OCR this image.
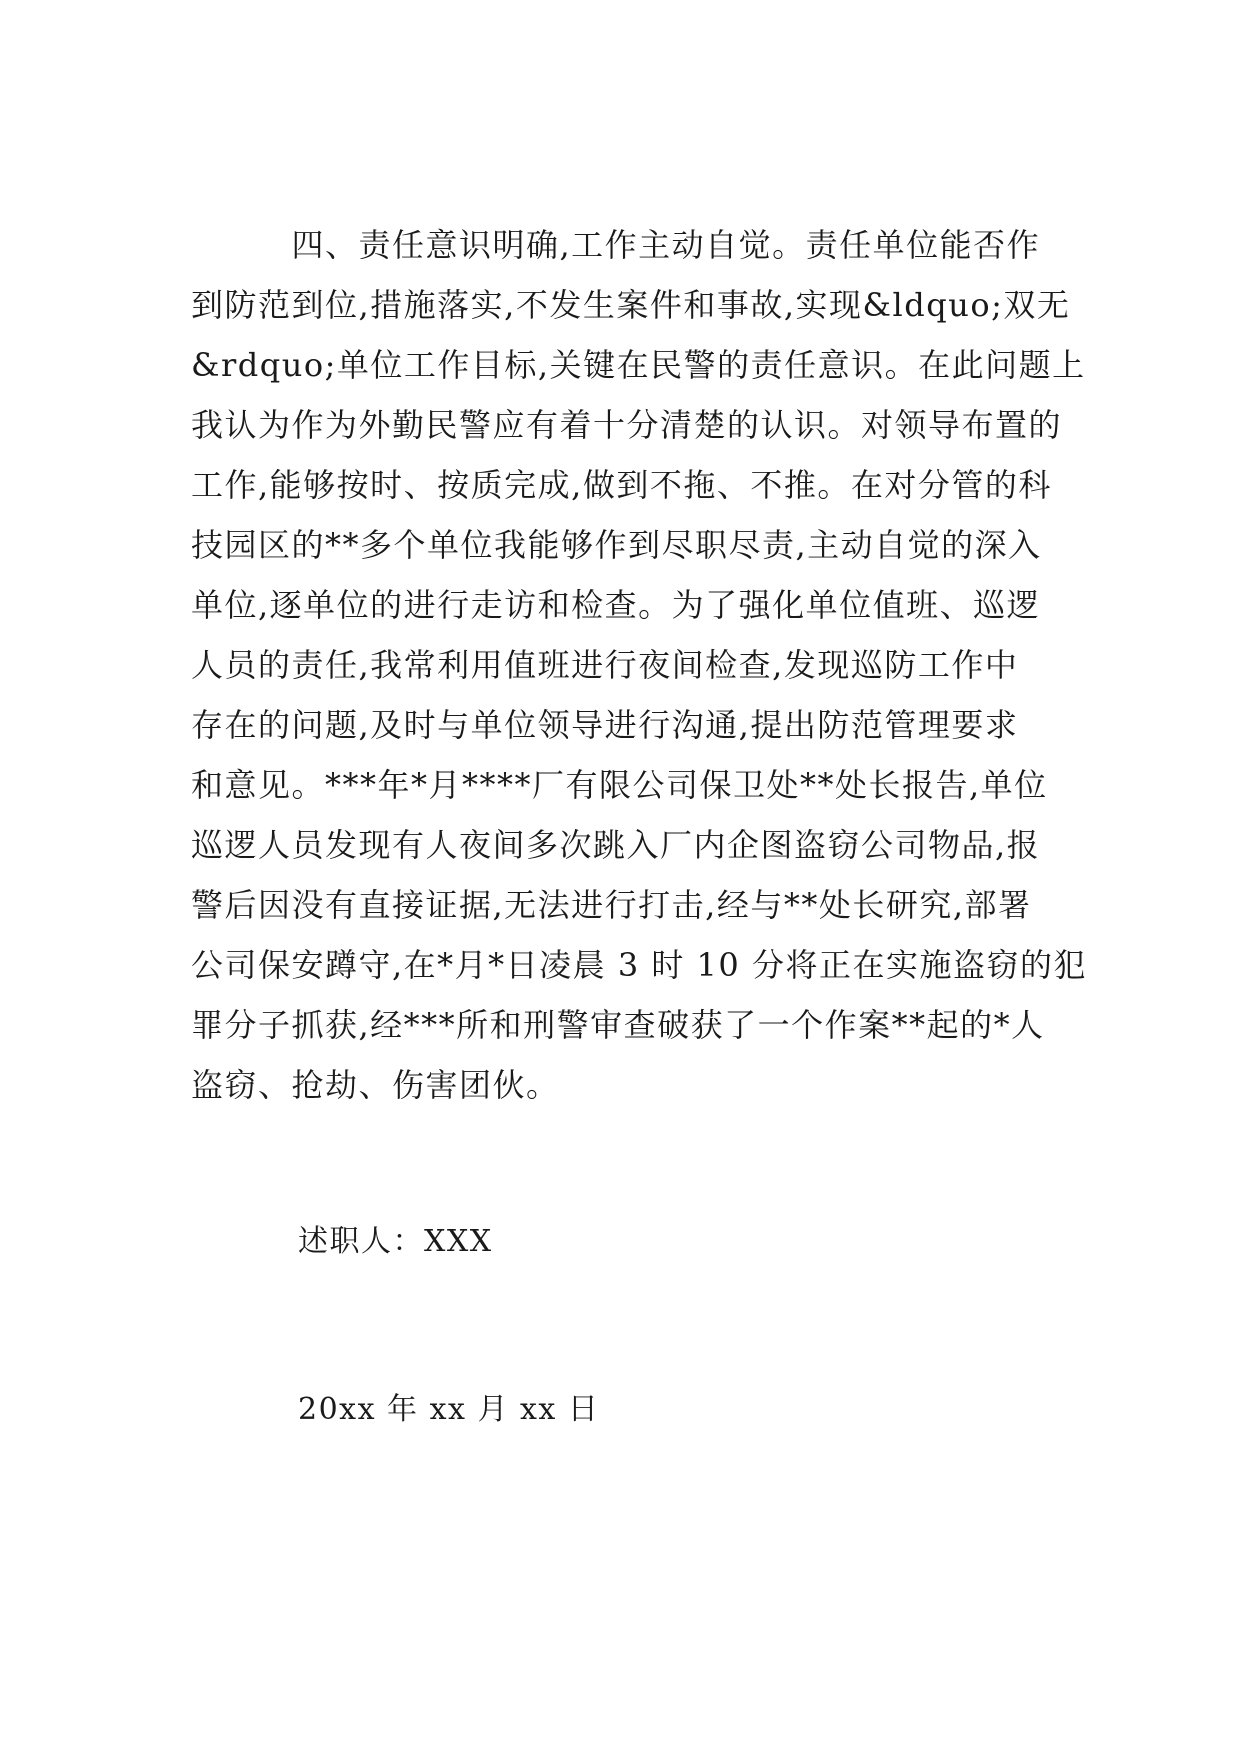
　　　四、责任意识明确,工作主动自觉。责任单位能否作
到防范到位,措施落实,不发生案件和事故,实现&ldquo;双无
&rdquo;单位工作目标,关键在民警的责任意识。在此问题上
我认为作为外勤民警应有着十分清楚的认识。对领导布置的
工作,能够按时、按质完成,做到不拖、不推。在对分管的科
技园区的**多个单位我能够作到尽职尽责,主动自觉的深入
单位,逐单位的进行走访和检查。为了强化单位值班、巡逻
人员的责任,我常利用值班进行夜间检查,发现巡防工作中
存在的问题,及时与单位领导进行沟通,提出防范管理要求
和意见。***年*月****厂有限公司保卫处**处长报告,单位
巡逻人员发现有人夜间多次跳入厂内企图盗窃公司物品,报
警后因没有直接证据,无法进行打击,经与**处长研究,部署
公司保安蹲守,在*月*日凌晨 3 时 10 分将正在实施盗窃的犯
罪分子抓获,经***所和刑警审查破获了一个作案**起的*人
盗窃、抢劫、伤害团伙。
述职人：XXX
20xx 年 xx 月 xx 日
